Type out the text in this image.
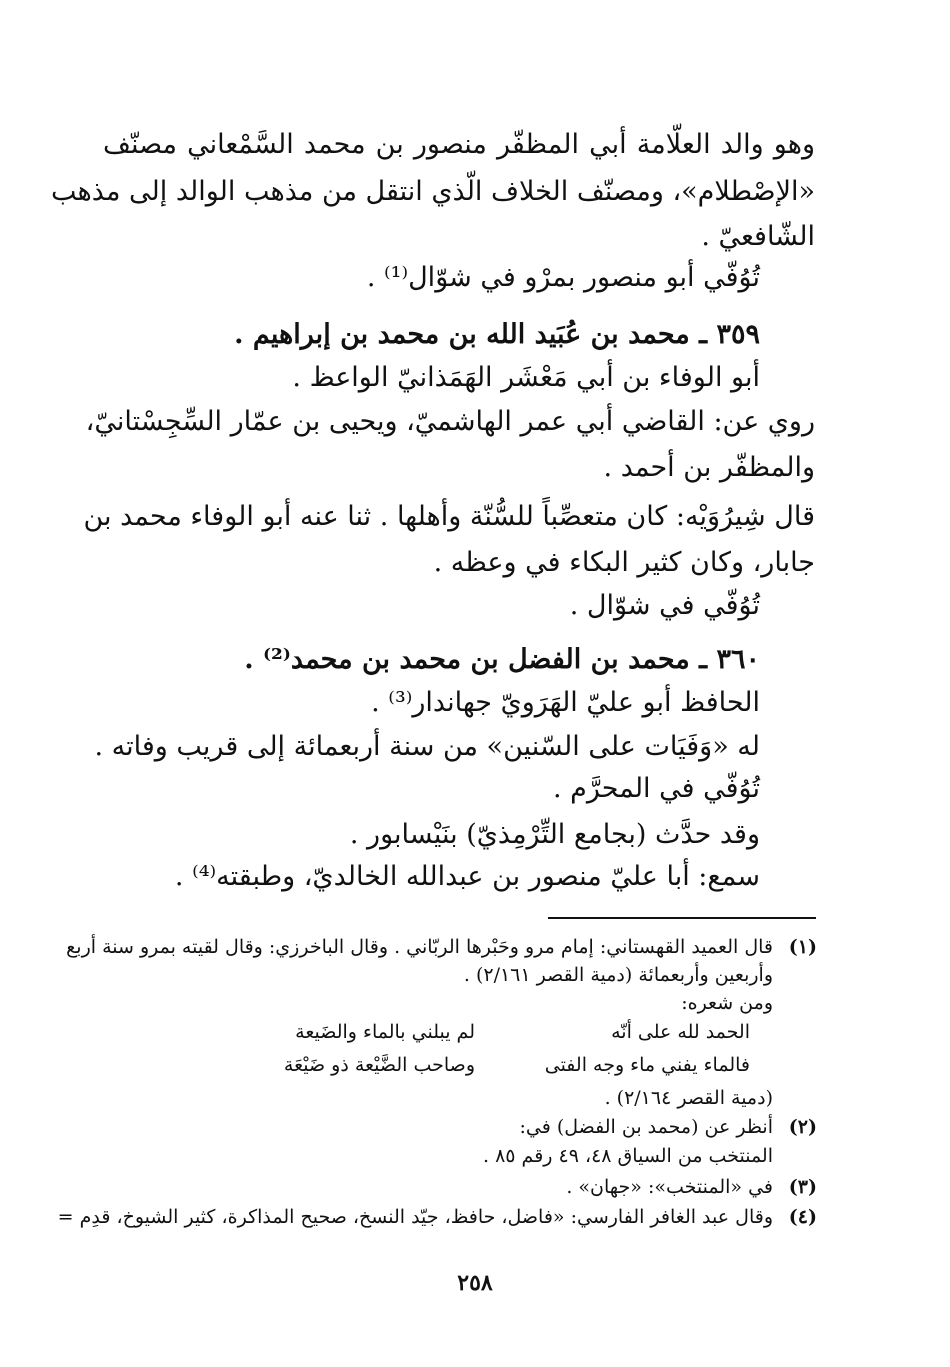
وهو والد العلّامة أبي المظفّر منصور بن محمد السَّمْعاني مصنّف
«الإصْطلام»، ومصنّف الخلاف الّذي انتقل من مذهب الوالد إلى مذهب
الشّافعيّ .
تُوُفّي أبو منصور بمرْو في شوّال⁽¹⁾ .
٣٥٩ ـ محمد بن عُبَيد الله بن محمد بن إبراهيم .
أبو الوفاء بن أبي مَعْشَر الهَمَذانيّ الواعظ .
روي عن: القاضي أبي عمر الهاشميّ، ويحيى بن عمّار السِّجِسْتانيّ،
والمظفّر بن أحمد .
قال شِيرُوَيْه: كان متعصِّباً للسُّنّة وأهلها . ثنا عنه أبو الوفاء محمد بن
جابار، وكان كثير البكاء في وعظه .
تُوُفّي في شوّال .
٣٦٠ ـ محمد بن الفضل بن محمد بن محمد⁽²⁾ .
الحافظ أبو عليّ الهَرَويّ جهاندار⁽³⁾ .
له «وَفَيَات على السّنين» من سنة أربعمائة إلى قريب وفاته .
تُوُفّي في المحرَّم .
وقد حدَّث (بجامع التِّرْمِذيّ) بنَيْسابور .
سمع: أبا عليّ منصور بن عبدالله الخالديّ، وطبقته⁽⁴⁾ .
(١)قال العميد القهستاني: إمام مرو وحَبْرها الربّاني . وقال الباخرزي: وقال لقيته بمرو سنة أربع
وأربعين وأربعمائة (دمية القصر ٢/١٦١) .
ومن شعره:
الحمد لله على أنّه
لم يبلني بالماء والضَيعة
فالماء يفني ماء وجه الفتى
وصاحب الضَّيْعة ذو ضَيْعَة
(دمية القصر ٢/١٦٤) .
(٢)أنظر عن (محمد بن الفضل) في:
المنتخب من السياق ٤٨، ٤٩ رقم ٨٥ .
(٣)في «المنتخب»: «جهان» .
(٤)وقال عبد الغافر الفارسي: «فاضل، حافظ، جيّد النسخ، صحيح المذاكرة، كثير الشيوخ، قدِم =
٢٥٨
